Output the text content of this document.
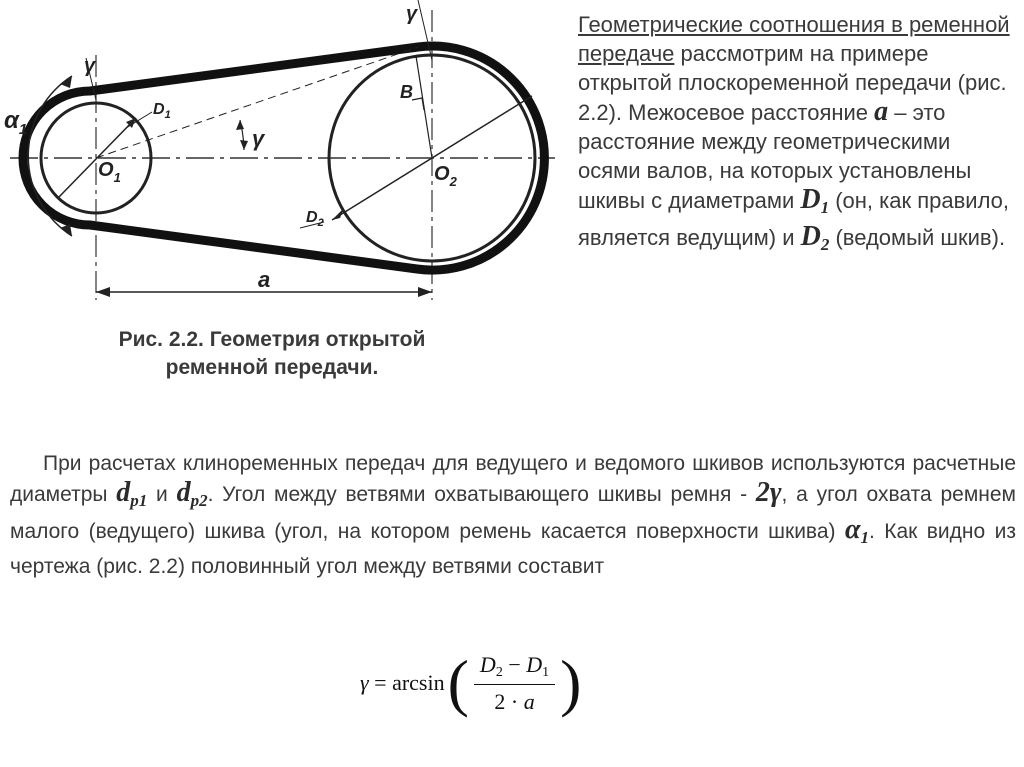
$\alpha_1$
γ
γ
γ
$D_1$
$D_2$
$O_1$	$O_2$
B
a
Рис. 2.2. Геометрия открытой
ременной передачи.
Геометрические соотношения в ременной передаче рассмотрим на примере открытой плоскоременной передачи (рис. 2.2). Межосевое расстояние a – это расстояние между геометрическими осями валов, на которых установлены шкивы с диаметрами $D_1$ (он, как правило, является ведущим) и $D_2$ (ведомый шкив).

При расчетах клиноременных передач для ведущего и ведомого шкивов используются расчетные диаметры $d_{p1}$ и $d_{p2}$. Угол между ветвями охватывающего шкивы ремня - 2γ, а угол охвата ремнем малого (ведущего) шкива (угол, на котором ремень касается поверхности шкива) $\alpha_1$. Как видно из чертежа (рис. 2.2) половинный угол между ветвями составит

γ = arcsin ( $\frac{D2 - D1}{2 \cdot a}$ )
